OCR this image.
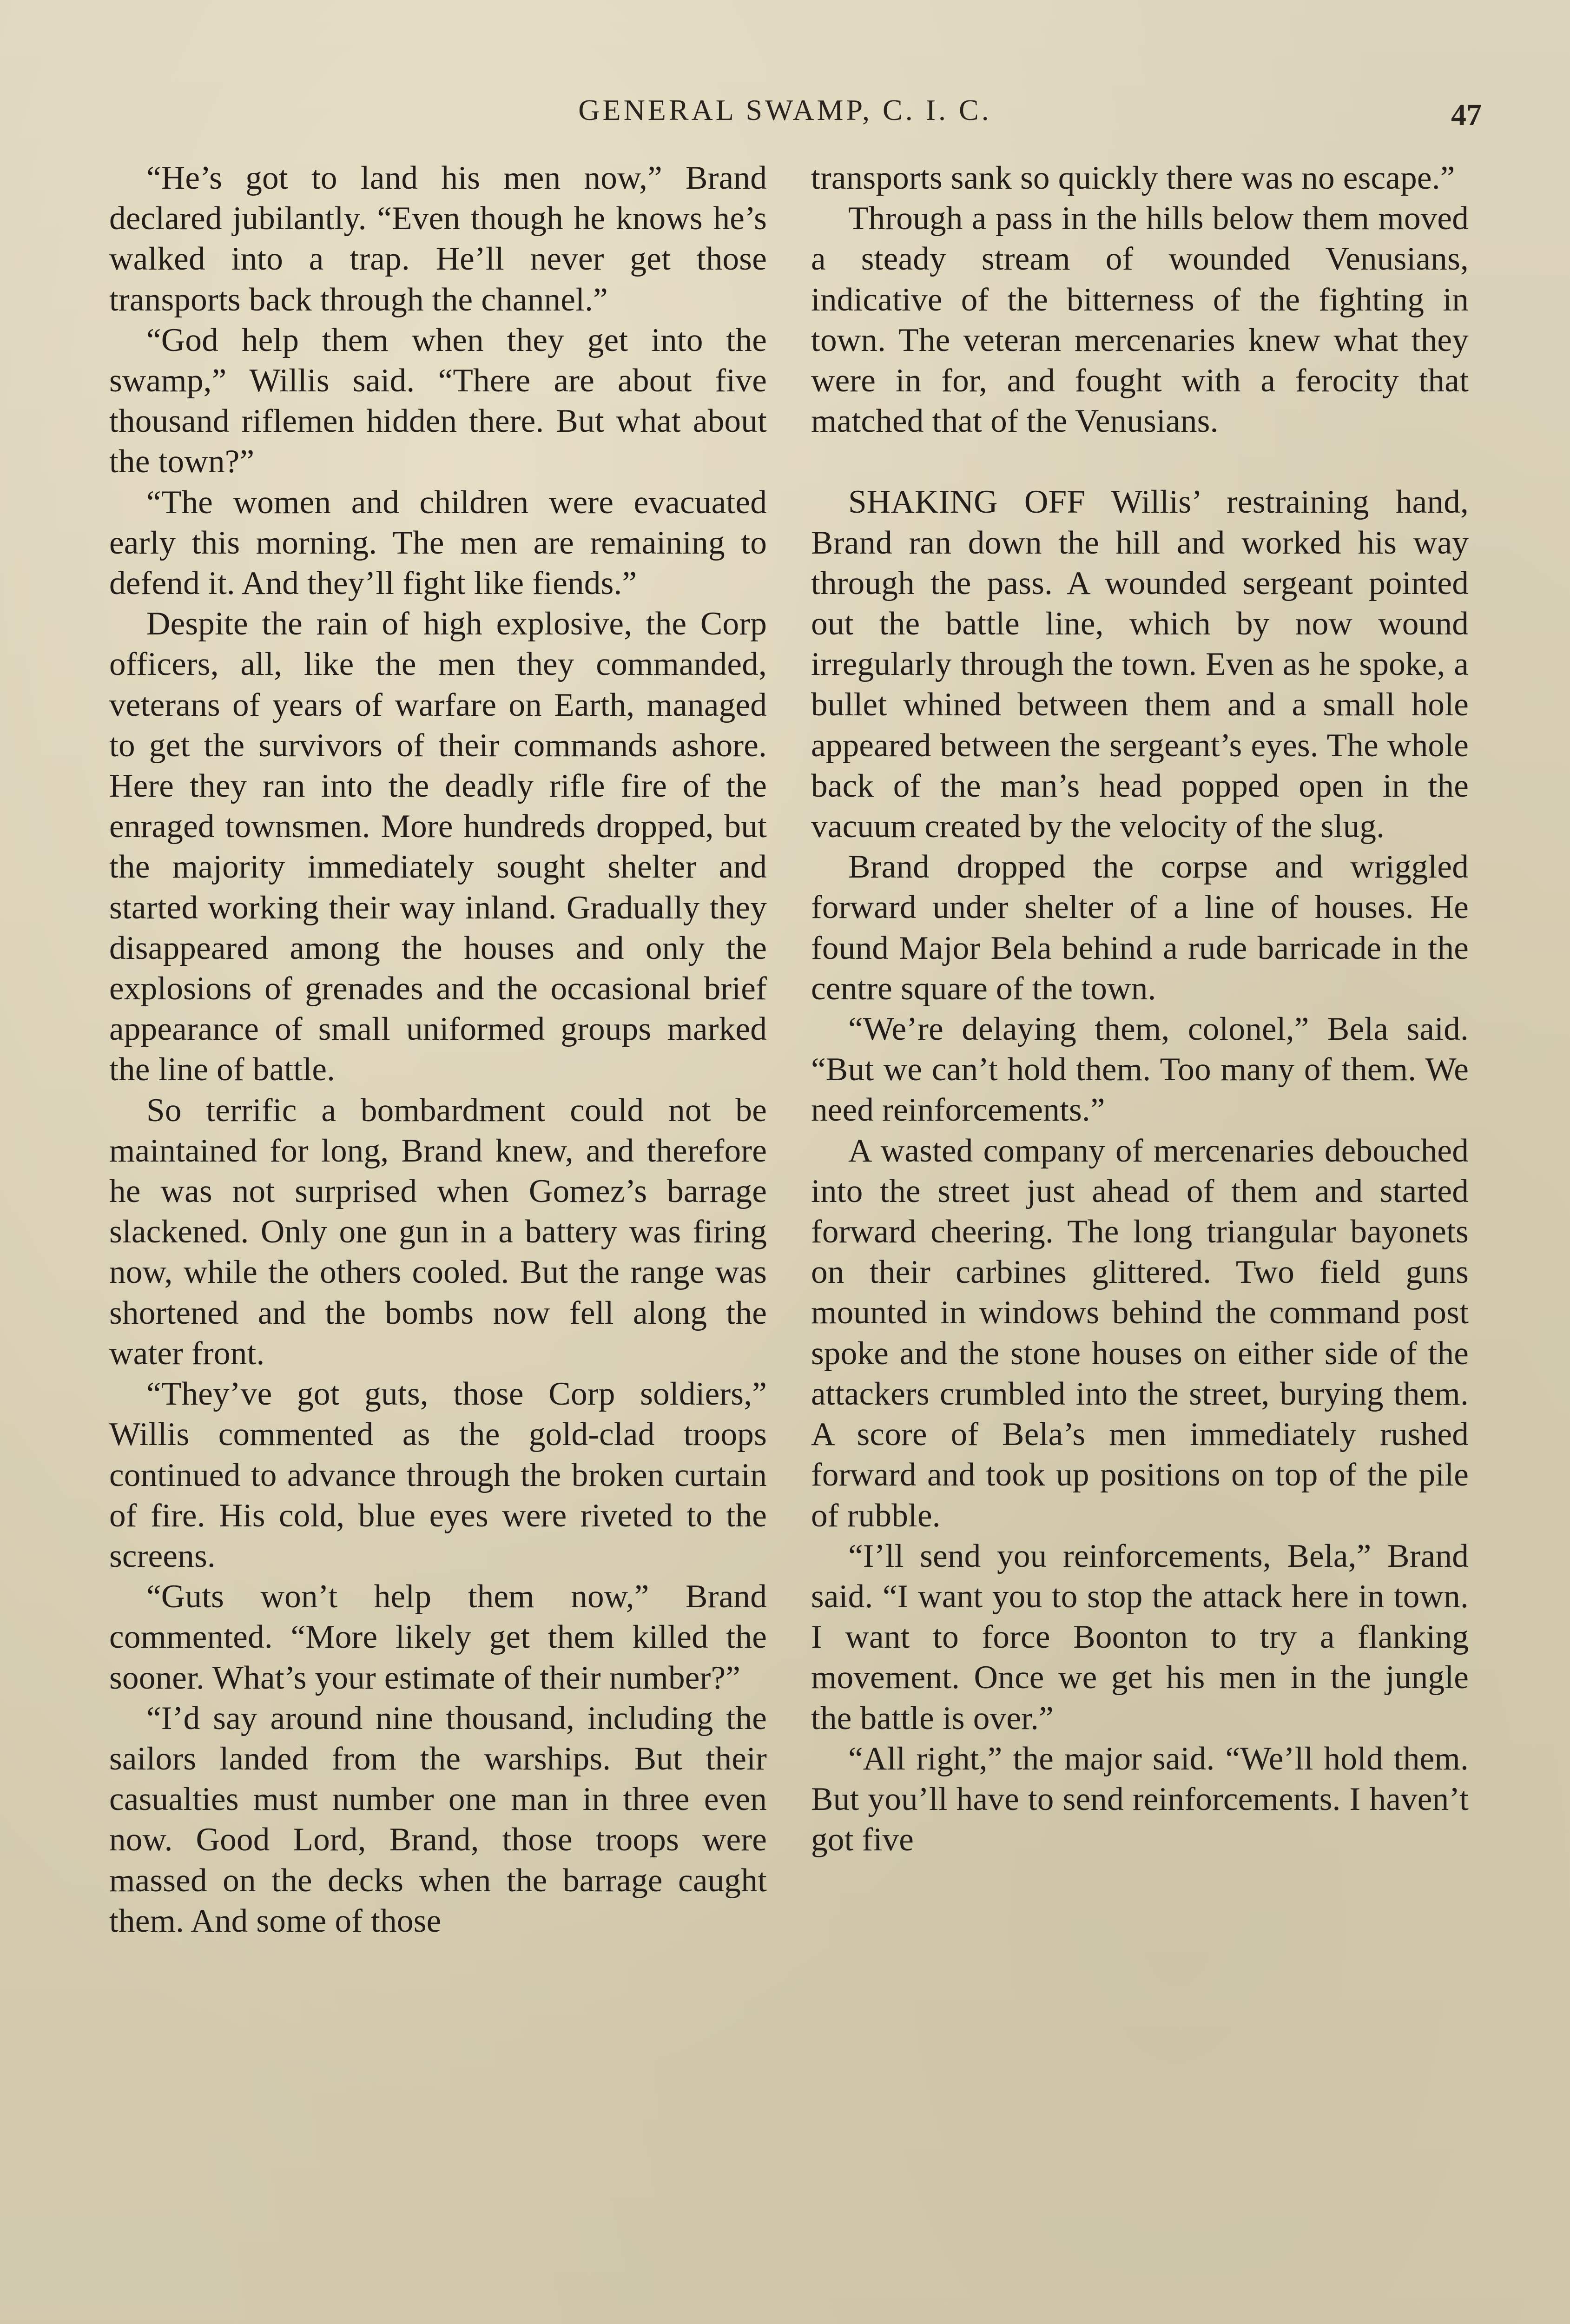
GENERAL SWAMP, C. I. C.	47

“He’s got to land his men now,” Brand declared jubilantly. “Even though he knows he’s walked into a trap. He’ll never get those transports back through the channel.”

“God help them when they get into the swamp,” Willis said. “There are about five thousand riflemen hidden there. But what about the town?”

“The women and children were evacuated early this morning. The men are remaining to defend it. And they’ll fight like fiends.”

Despite the rain of high explosive, the Corp officers, all, like the men they commanded, veterans of years of warfare on Earth, managed to get the survivors of their commands ashore. Here they ran into the deadly rifle fire of the enraged townsmen. More hundreds dropped, but the majority immediately sought shelter and started working their way inland. Gradually they disappeared among the houses and only the explosions of grenades and the occasional brief appearance of small uniformed groups marked the line of battle.

So terrific a bombardment could not be maintained for long, Brand knew, and therefore he was not surprised when Gomez’s barrage slackened. Only one gun in a battery was firing now, while the others cooled. But the range was shortened and the bombs now fell along the water front.

“They’ve got guts, those Corp soldiers,” Willis commented as the gold-clad troops continued to advance through the broken curtain of fire. His cold, blue eyes were riveted to the screens.

“Guts won’t help them now,” Brand commented. “More likely get them killed the sooner. What’s your estimate of their number?”

“I’d say around nine thousand, including the sailors landed from the warships. But their casualties must number one man in three even now. Good Lord, Brand, those troops were massed on the decks when the barrage caught them. And some of those

transports sank so quickly there was no escape.”

Through a pass in the hills below them moved a steady stream of wounded Venusians, indicative of the bitterness of the fighting in town. The veteran mercenaries knew what they were in for, and fought with a ferocity that matched that of the Venusians.

SHAKING OFF Willis’ restraining hand, Brand ran down the hill and worked his way through the pass. A wounded sergeant pointed out the battle line, which by now wound irregularly through the town. Even as he spoke, a bullet whined between them and a small hole appeared between the sergeant’s eyes. The whole back of the man’s head popped open in the vacuum created by the velocity of the slug.

Brand dropped the corpse and wriggled forward under shelter of a line of houses. He found Major Bela behind a rude barricade in the centre square of the town.

“We’re delaying them, colonel,” Bela said. “But we can’t hold them. Too many of them. We need reinforcements.”

A wasted company of mercenaries debouched into the street just ahead of them and started forward cheering. The long triangular bayonets on their carbines glittered. Two field guns mounted in windows behind the command post spoke and the stone houses on either side of the attackers crumbled into the street, burying them. A score of Bela’s men immediately rushed forward and took up positions on top of the pile of rubble.

“I’ll send you reinforcements, Bela,” Brand said. “I want you to stop the attack here in town. I want to force Boonton to try a flanking movement. Once we get his men in the jungle the battle is over.”

“All right,” the major said. “We’ll hold them. But you’ll have to send reinforcements. I haven’t got five
